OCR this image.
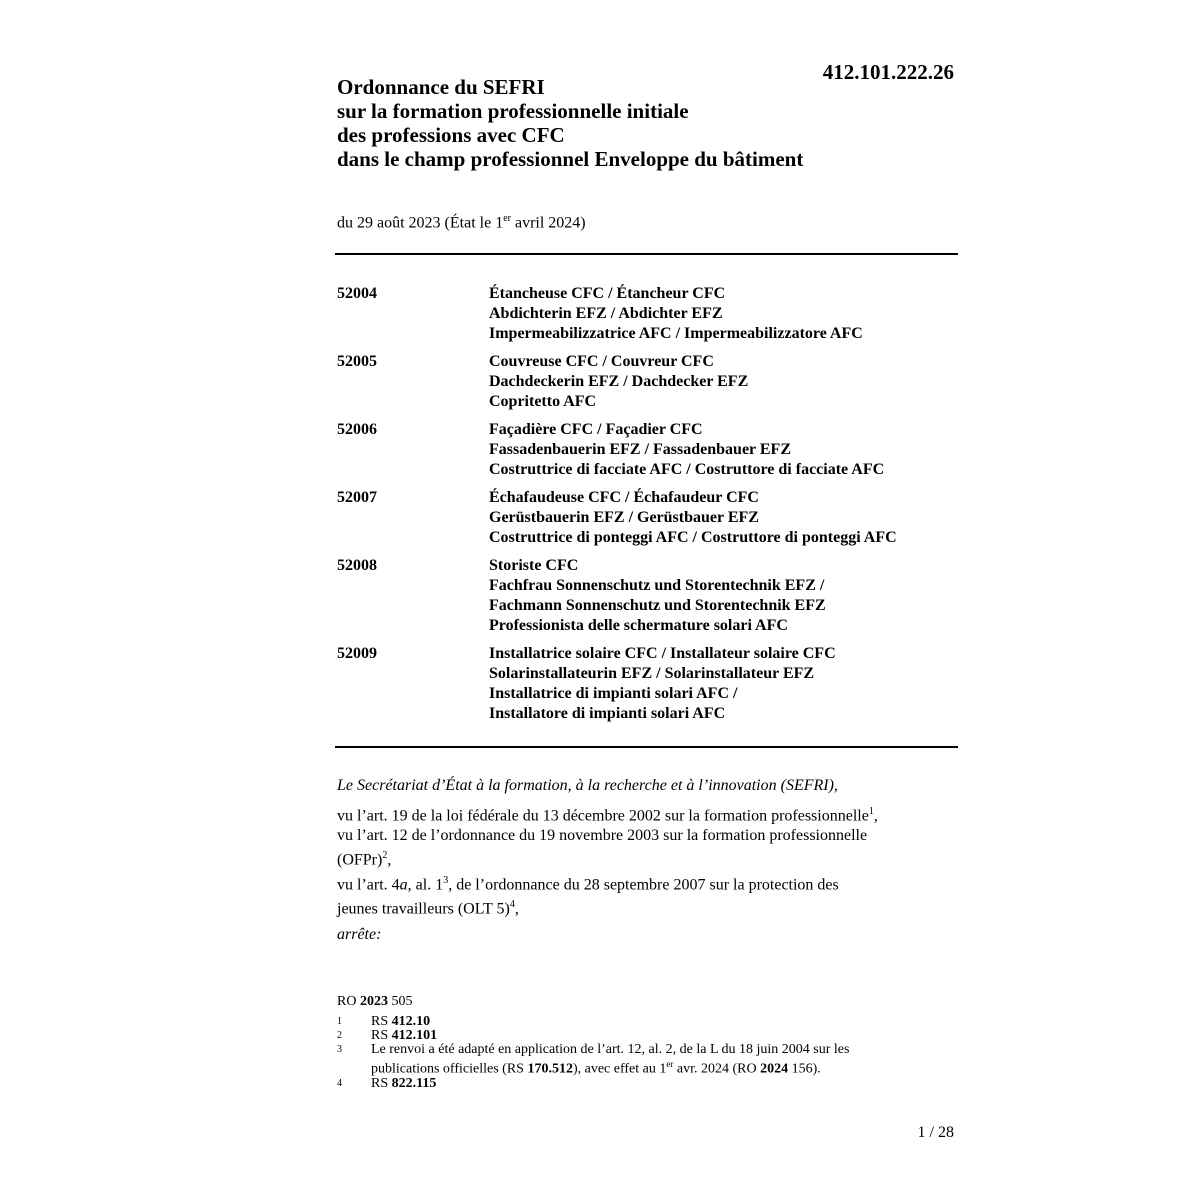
412.101.222.26
Ordonnance du SEFRI
sur la formation professionnelle initiale
des professions avec CFC
dans le champ professionnel Enveloppe du bâtiment
du 29 août 2023 (État le 1er avril 2024)
52004	Étancheuse CFC / Étancheur CFC
Abdichterin EFZ / Abdichter EFZ
Impermeabilizzatrice AFC / Impermeabilizzatore AFC
52005	Couvreuse CFC / Couvreur CFC
Dachdeckerin EFZ / Dachdecker EFZ
Copritetto AFC
52006	Façadière CFC / Façadier CFC
Fassadenbauerin EFZ / Fassadenbauer EFZ
Costruttrice di facciate AFC / Costruttore di facciate AFC
52007	Échafaudeuse CFC / Échafaudeur CFC
Gerüstbauerin EFZ / Gerüstbauer EFZ
Costruttrice di ponteggi AFC / Costruttore di ponteggi AFC
52008	Storiste CFC
Fachfrau Sonnenschutz und Storentechnik EFZ /
Fachmann Sonnenschutz und Storentechnik EFZ
Professionista delle schermature solari AFC
52009	Installatrice solaire CFC / Installateur solaire CFC
Solarinstallateurin EFZ / Solarinstallateur EFZ
Installatrice di impianti solari AFC /
Installatore di impianti solari AFC
Le Secrétariat d’État à la formation, à la recherche et à l’innovation (SEFRI),
vu l’art. 19 de la loi fédérale du 13 décembre 2002 sur la formation professionnelle$^1$,
vu l’art. 12 de l’ordonnance du 19 novembre 2003 sur la formation professionnelle
(OFPr)$^2$,
vu l’art. 4a, al. $1^3$, de l’ordonnance du 28 septembre 2007 sur la protection des
jeunes travailleurs (OLT 5)$^4$,
arrête:
RO 2023 505
1	RS 412.10
2	RS 412.101
3	Le renvoi a été adapté en application de l’art. 12, al. 2, de la L du 18 juin 2004 sur les
publications officielles (RS 170.512), avec effet au 1er avr. 2024 (RO 2024 156).
4	RS 822.115
1 / 28
